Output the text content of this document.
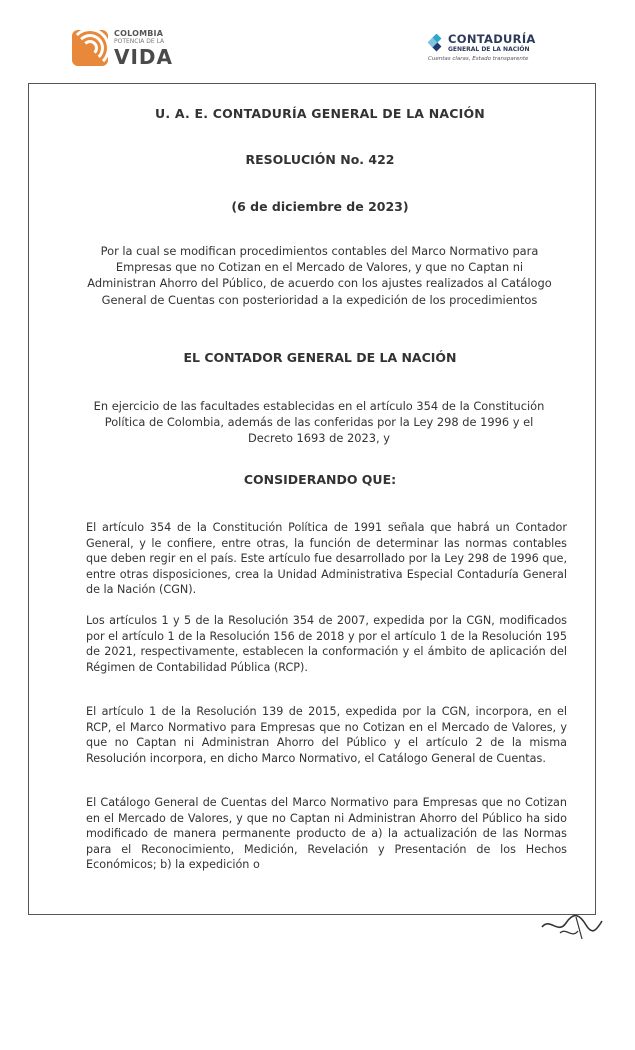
COLOMBIA
POTENCIA DE LA
VIDA
CONTADURÍA
GENERAL DE LA NACIÓN
Cuentas claras, Estado transparente
U. A. E. CONTADURÍA GENERAL DE LA NACIÓN
RESOLUCIÓN No. 422
(6 de diciembre de 2023)
Por la cual se modifican procedimientos contables del Marco Normativo para Empresas que no Cotizan en el Mercado de Valores, y que no Captan ni Administran Ahorro del Público, de acuerdo con los ajustes realizados al Catálogo General de Cuentas con posterioridad a la expedición de los procedimientos
EL CONTADOR GENERAL DE LA NACIÓN
En ejercicio de las facultades establecidas en el artículo 354 de la Constitución Política de Colombia, además de las conferidas por la Ley 298 de 1996 y el Decreto 1693 de 2023, y
CONSIDERANDO QUE:
El artículo 354 de la Constitución Política de 1991 señala que habrá un Contador General, y le confiere, entre otras, la función de determinar las normas contables que deben regir en el país. Este artículo fue desarrollado por la Ley 298 de 1996 que, entre otras disposiciones, crea la Unidad Administrativa Especial Contaduría General de la Nación (CGN).
Los artículos 1 y 5 de la Resolución 354 de 2007, expedida por la CGN, modificados por el artículo 1 de la Resolución 156 de 2018 y por el artículo 1 de la Resolución 195 de 2021, respectivamente, establecen la conformación y el ámbito de aplicación del Régimen de Contabilidad Pública (RCP).
El artículo 1 de la Resolución 139 de 2015, expedida por la CGN, incorpora, en el RCP, el Marco Normativo para Empresas que no Cotizan en el Mercado de Valores, y que no Captan ni Administran Ahorro del Público y el artículo 2 de la misma Resolución incorpora, en dicho Marco Normativo, el Catálogo General de Cuentas.
El Catálogo General de Cuentas del Marco Normativo para Empresas que no Cotizan en el Mercado de Valores, y que no Captan ni Administran Ahorro del Público ha sido modificado de manera permanente producto de a) la actualización de las Normas para el Reconocimiento, Medición, Revelación y Presentación de los Hechos Económicos; b) la expedición o
